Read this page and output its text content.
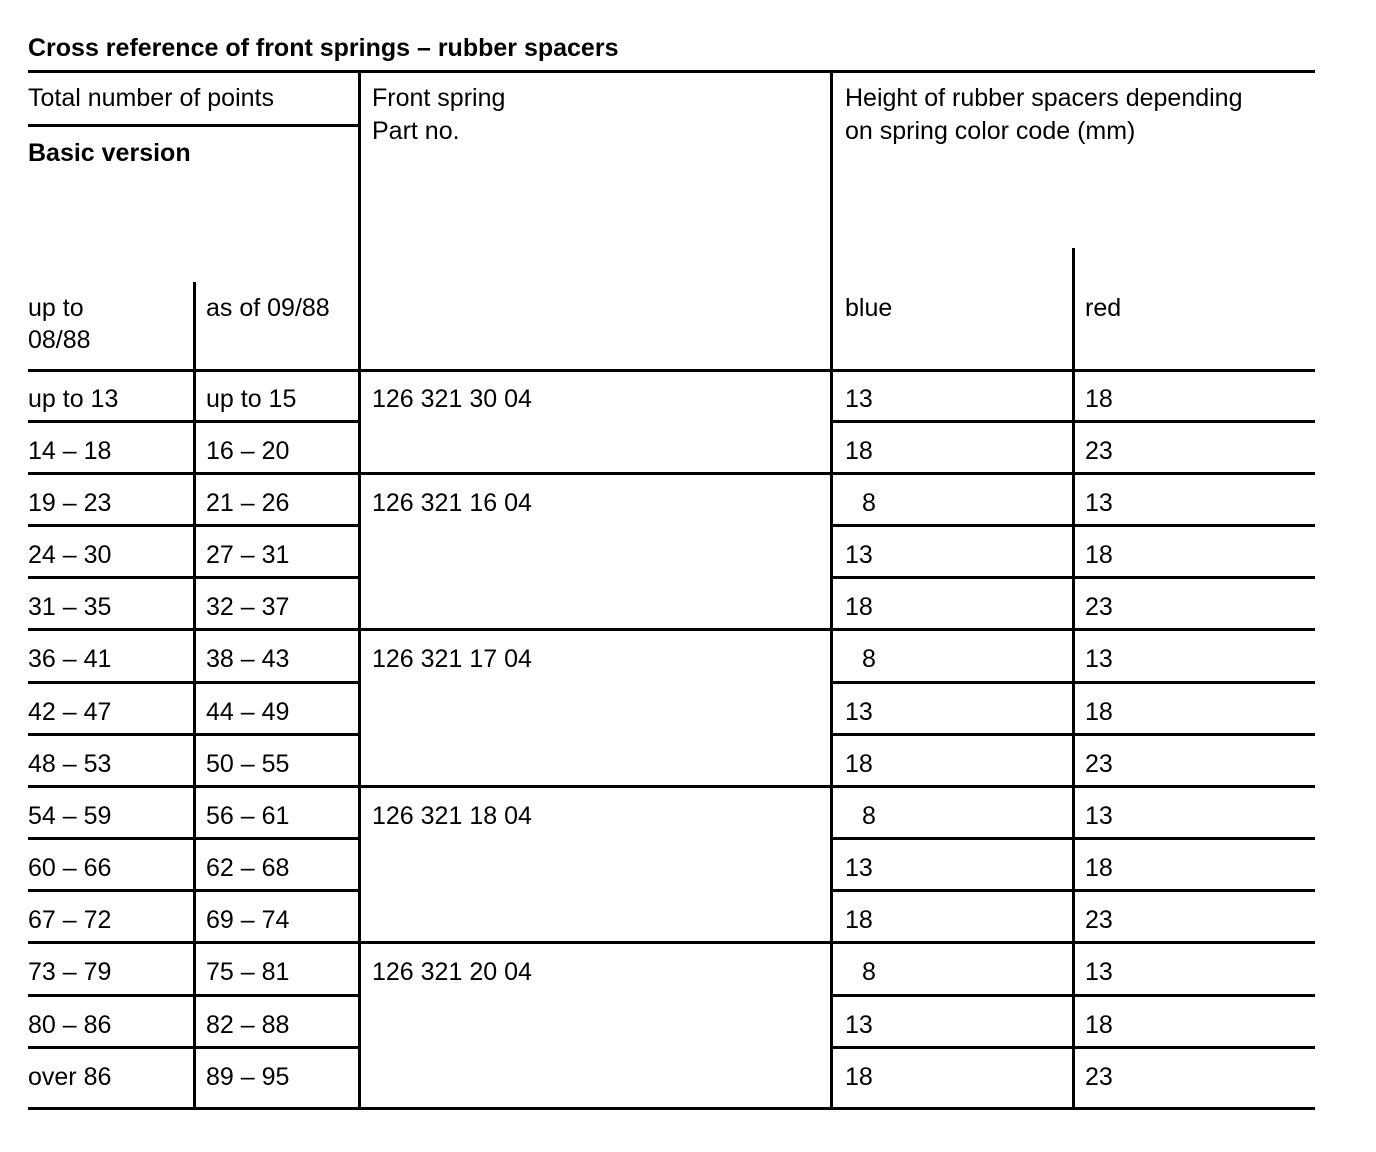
Cross reference of front springs – rubber spacers
Total number of points
Basic version
up to
08/88
as of 09/88
Front spring
Part no.
Height of rubber spacers depending
on spring color code (mm)
blue	red
up to 13	up to 15	126 321 30 04	13	18
14 – 18	16 – 20	18	23
19 – 23	21 – 26	126 321 16 04	8	13
24 – 30	27 – 31	13	18
31 – 35	32 – 37	18	23
36 – 41	38 – 43	126 321 17 04	8	13
42 – 47	44 – 49	13	18
48 – 53	50 – 55	18	23
54 – 59	56 – 61	126 321 18 04	8	13
60 – 66	62 – 68	13	18
67 – 72	69 – 74	18	23
73 – 79	75 – 81	126 321 20 04	8	13
80 – 86	82 – 88	13	18
over 86	89 – 95	18	23
